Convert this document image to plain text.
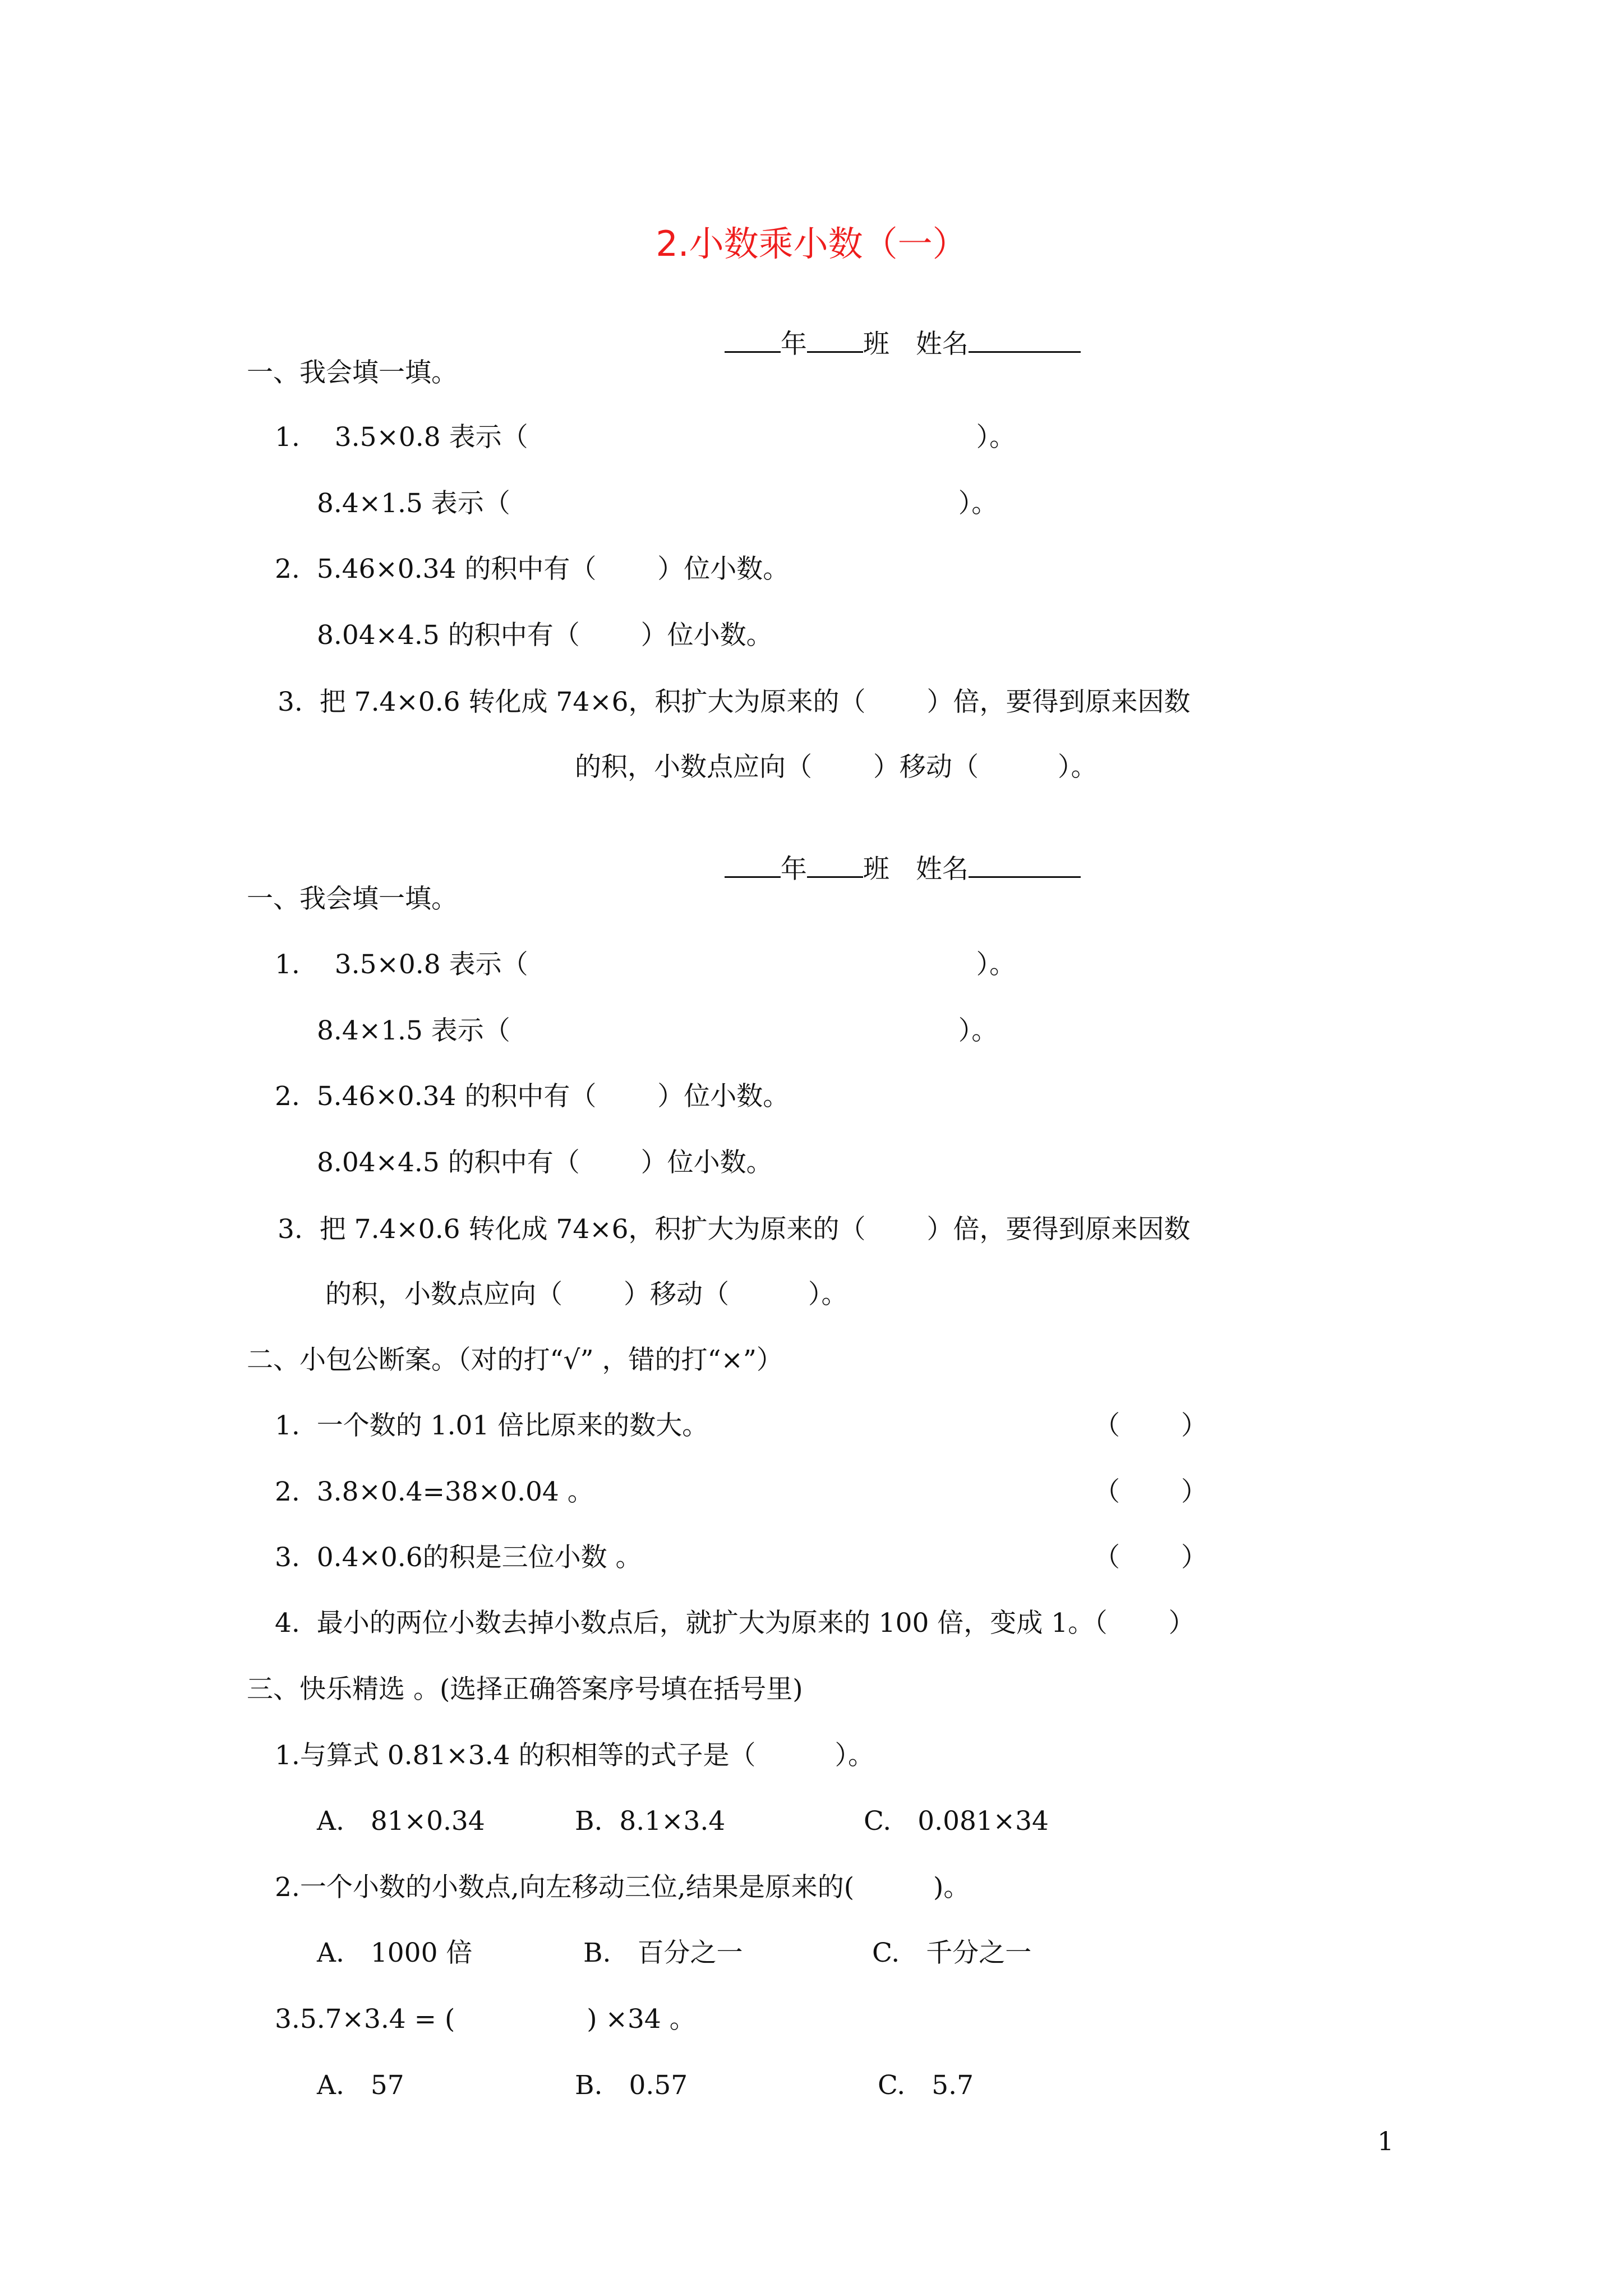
2.小数乘小数（一）

年 班　 姓名

一、我会填一填。
1.　 3.5×0.8 表示（　　　　　　　　　　　　　　　　　）。
8.4×1.5 表示（　　　　　　　　　　　　　　　　　）。
2.  5.46×0.34 的积中有（　　 ）位小数。
8.04×4.5 的积中有（　　 ）位小数。
3.  把 7.4×0.6 转化成 74×6，积扩大为原来的（　　 ）倍，要得到原来因数
的积，小数点应向（　　 ）移动（　　　）。

年 班　 姓名

一、我会填一填。
1.　 3.5×0.8 表示（　　　　　　　　　　　　　　　　　）。
8.4×1.5 表示（　　　　　　　　　　　　　　　　　）。
2.  5.46×0.34 的积中有（　　 ）位小数。
8.04×4.5 的积中有（　　 ）位小数。
3.  把 7.4×0.6 转化成 74×6，积扩大为原来的（　　 ）倍，要得到原来因数
的积，小数点应向（　　 ）移动（　　　）。
二、小包公断案。（对的打“√” ，错的打“×”）
1.  一个数的 1.01 倍比原来的数大。	（　　 ）
2.  3.8×0.4=38×0.04 。	（　　 ）
3.  0.4×0.6的积是三位小数 。	（　　 ）
4.  最小的两位小数去掉小数点后，就扩大为原来的 100 倍，变成 1。（　　 ）
三、快乐精选 。(选择正确答案序号填在括号里)
1.与算式 0.81×3.4 的积相等的式子是（　　　）。
A.　81×0.34	B.  8.1×3.4	C.　0.081×34
2.一个小数的小数点,向左移动三位,结果是原来的(　　　)。
A.　1000 倍	B.　百分之一	C.　千分之一
3.5.7×3.4 = (　　　　　) ×34 。
A.　57	B.　0.57	C.　5.7
1
